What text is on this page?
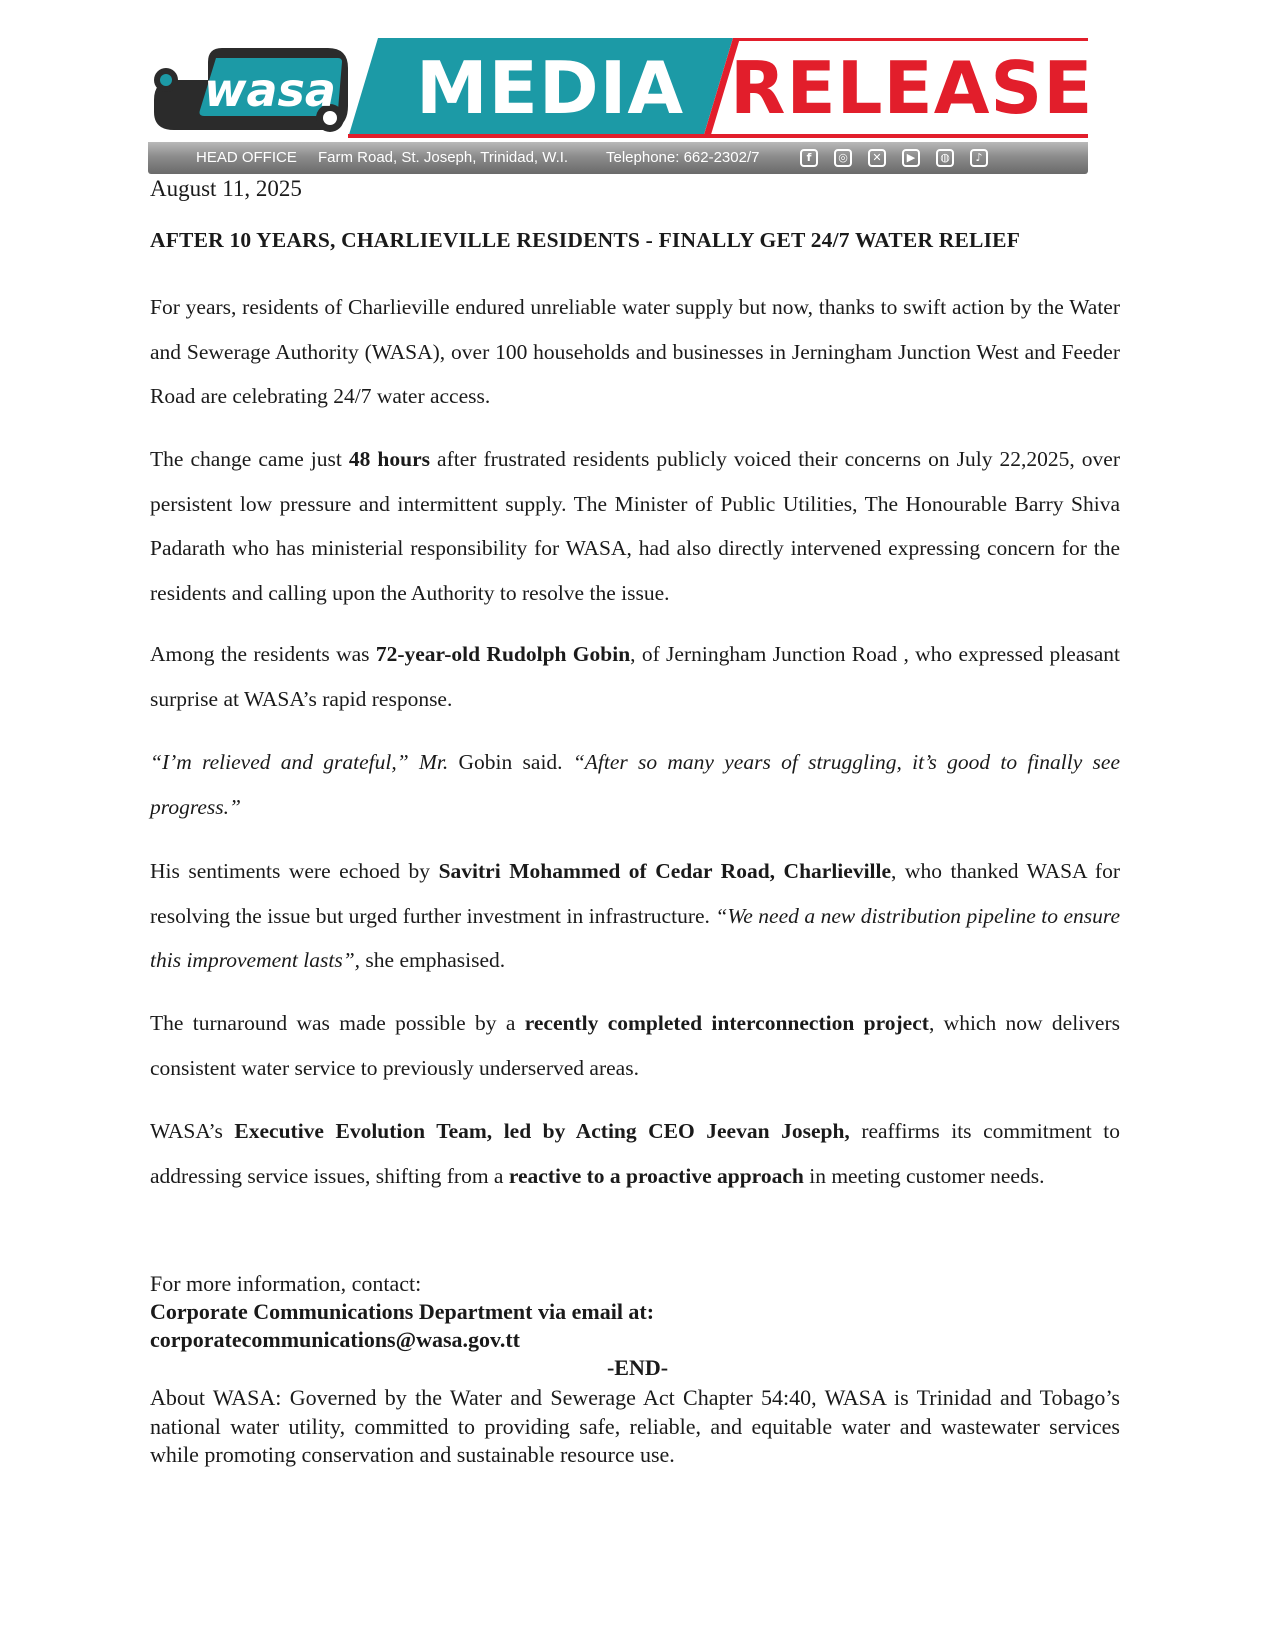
wasa MEDIA RELEASE
HEAD OFFICE Farm Road, St. Joseph, Trinidad, W.I.	Telephone: 662-2302/7	f	◎	✕	▶	◍	♪
August 11, 2025
AFTER 10 YEARS, CHARLIEVILLE RESIDENTS - FINALLY GET 24/7 WATER RELIEF
For years, residents of Charlieville endured unreliable water supply but now, thanks to swift action by the Water and Sewerage Authority (WASA), over 100 households and businesses in Jerningham Junction West and Feeder Road are celebrating 24/7 water access.
The change came just 48 hours after frustrated residents publicly voiced their concerns on July 22,2025, over persistent low pressure and intermittent supply. The Minister of Public Utilities, The Honourable Barry Shiva Padarath who has ministerial responsibility for WASA, had also directly intervened expressing concern for the residents and calling upon the Authority to resolve the issue.
Among the residents was 72-year-old Rudolph Gobin, of Jerningham Junction Road , who expressed pleasant surprise at WASA’s rapid response.
“I’m relieved and grateful,” Mr. Gobin said. “After so many years of struggling, it’s good to finally see progress.”
His sentiments were echoed by Savitri Mohammed of Cedar Road, Charlieville, who thanked WASA for resolving the issue but urged further investment in infrastructure. “We need a new distribution pipeline to ensure this improvement lasts”, she emphasised.
The turnaround was made possible by a recently completed interconnection project, which now delivers consistent water service to previously underserved areas.
WASA’s Executive Evolution Team, led by Acting CEO Jeevan Joseph, reaffirms its commitment to addressing service issues, shifting from a reactive to a proactive approach in meeting customer needs.
For more information, contact:
Corporate Communications Department via email at:
corporatecommunications@wasa.gov.tt
-END-
About WASA: Governed by the Water and Sewerage Act Chapter 54:40, WASA is Trinidad and Tobago’s national water utility, committed to providing safe, reliable, and equitable water and wastewater services while promoting conservation and sustainable resource use.
